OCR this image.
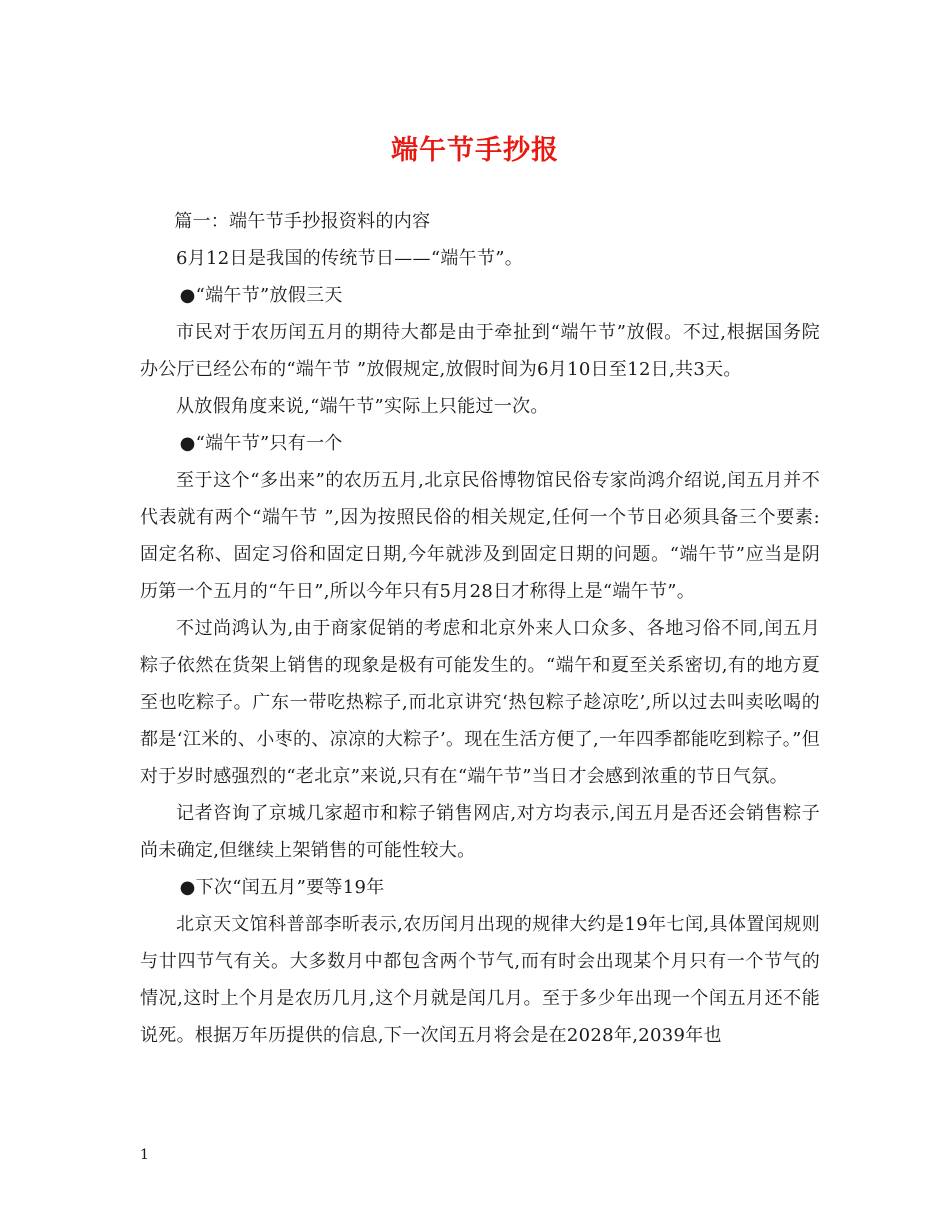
端午节手抄报

篇一：端午节手抄报资料的内容

6月12日是我国的传统节日——“端午节”。

●“端午节”放假三天

市民对于农历闰五月的期待大都是由于牵扯到“端午节”放假。不过,根据国务院办公厅已经公布的“端午节 ”放假规定,放假时间为6月10日至12日,共3天。

从放假角度来说,“端午节”实际上只能过一次。

●“端午节”只有一个

至于这个“多出来”的农历五月,北京民俗博物馆民俗专家尚鸿介绍说,闰五月并不代表就有两个“端午节 ”,因为按照民俗的相关规定,任何一个节日必须具备三个要素:固定名称、固定习俗和固定日期,今年就涉及到固定日期的问题。“端午节”应当是阴历第一个五月的“午日”,所以今年只有5月28日才称得上是“端午节”。

不过尚鸿认为,由于商家促销的考虑和北京外来人口众多、各地习俗不同,闰五月粽子依然在货架上销售的现象是极有可能发生的。“端午和夏至关系密切,有的地方夏至也吃粽子。广东一带吃热粽子,而北京讲究‘热包粽子趁凉吃’,所以过去叫卖吆喝的都是‘江米的、小枣的、凉凉的大粽子’。现在生活方便了,一年四季都能吃到粽子。”但对于岁时感强烈的“老北京”来说,只有在“端午节”当日才会感到浓重的节日气氛。

记者咨询了京城几家超市和粽子销售网店,对方均表示,闰五月是否还会销售粽子尚未确定,但继续上架销售的可能性较大。

●下次“闰五月”要等19年

北京天文馆科普部李昕表示,农历闰月出现的规律大约是19年七闰,具体置闰规则与廿四节气有关。大多数月中都包含两个节气,而有时会出现某个月只有一个节气的情况,这时上个月是农历几月,这个月就是闰几月。至于多少年出现一个闰五月还不能说死。根据万年历提供的信息,下一次闰五月将会是在2028年,2039年也

1
